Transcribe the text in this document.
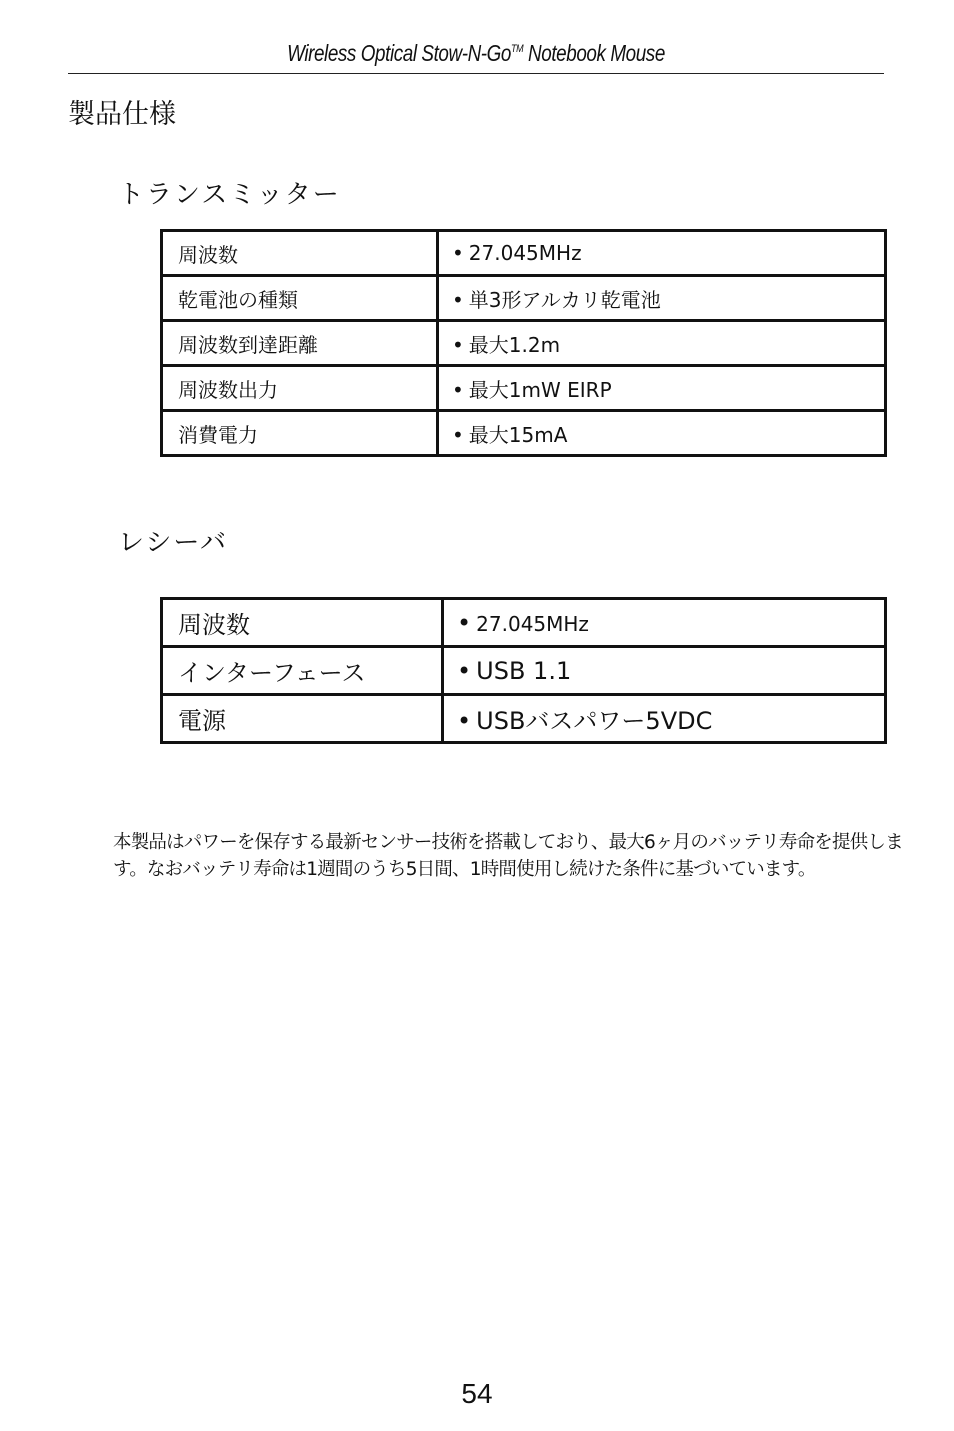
Wireless Optical Stow-N-Go™ Notebook Mouse
製品仕様
トランスミッター
周波数	• 27.045MHz
乾電池の種類	• 単3形アルカリ乾電池
周波数到達距離	• 最大1.2m
周波数出力	• 最大1mW EIRP
消費電力	• 最大15mA
レシーバ
周波数	• 27.045MHz
インターフェース	• USB 1.1
電源	• USBバスパワー5VDC
本製品はパワーを保存する最新センサー技術を搭載しており、最大6ヶ月のバッテリ寿命を提供します。なおバッテリ寿命は1週間のうち5日間、1時間使用し続けた条件に基づいています。
54
